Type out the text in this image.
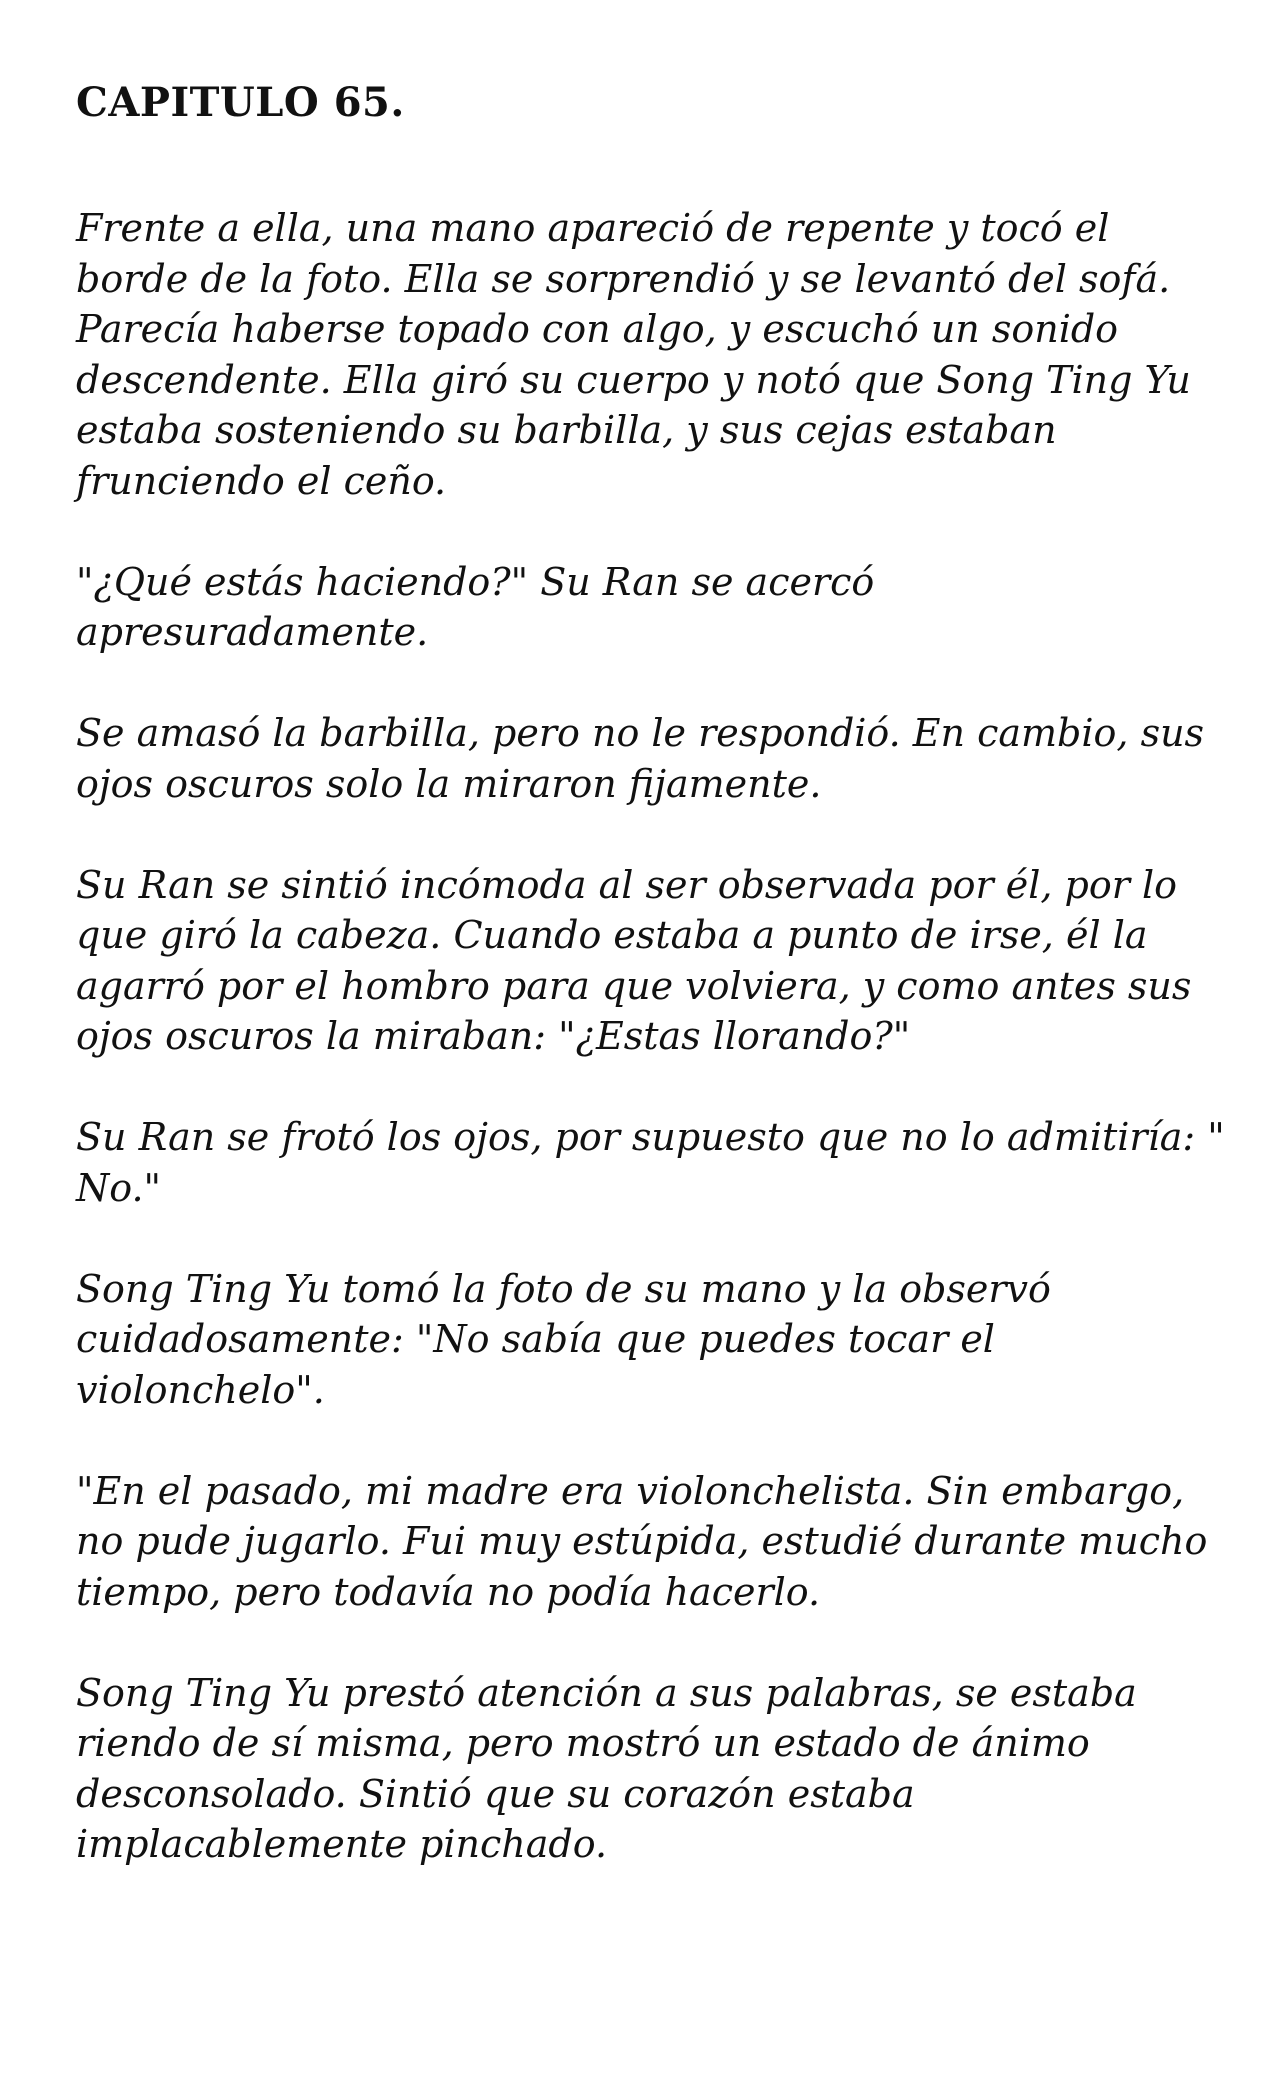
CAPITULO 65.

Frente a ella, una mano apareció de repente y tocó el borde de la foto. Ella se sorprendió y se levantó del sofá. Parecía haberse topado con algo, y escuchó un sonido descendente. Ella giró su cuerpo y notó que Song Ting Yu estaba sosteniendo su barbilla, y sus cejas estaban frunciendo el ceño.

"¿Qué estás haciendo?" Su Ran se acercó apresuradamente.

Se amasó la barbilla, pero no le respondió. En cambio, sus ojos oscuros solo la miraron fijamente.

Su Ran se sintió incómoda al ser observada por él, por lo que giró la cabeza. Cuando estaba a punto de irse, él la agarró por el hombro para que volviera, y como antes sus ojos oscuros la miraban: "¿Estas llorando?"

Su Ran se frotó los ojos, por supuesto que no lo admitiría: " No."

Song Ting Yu tomó la foto de su mano y la observó cuidadosamente: "No sabía que puedes tocar el violonchelo".

"En el pasado, mi madre era violonchelista. Sin embargo, no pude jugarlo. Fui muy estúpida, estudié durante mucho tiempo, pero todavía no podía hacerlo.

Song Ting Yu prestó atención a sus palabras, se estaba riendo de sí misma, pero mostró un estado de ánimo desconsolado. Sintió que su corazón estaba implacablemente pinchado.
